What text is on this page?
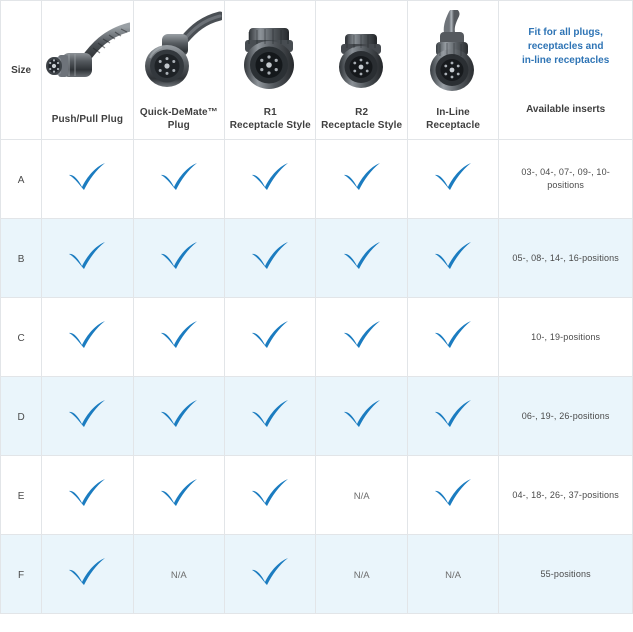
Size

Push/Pull Plug

Quick-DeMate™
Plug

R1
Receptacle Style

R2
Receptacle Style

In-Line
Receptacle

Fit for all plugs,
receptacles and
in-line receptacles
Available inserts

A						03-, 04-, 07-, 09-, 10-positions

B						05-, 08-, 14-, 16-positions

C						10-, 19-positions

D						06-, 19-, 26-positions

E				N/A		04-, 18-, 26-, 37-positions

F		N/A		N/A	N/A	55-positions
